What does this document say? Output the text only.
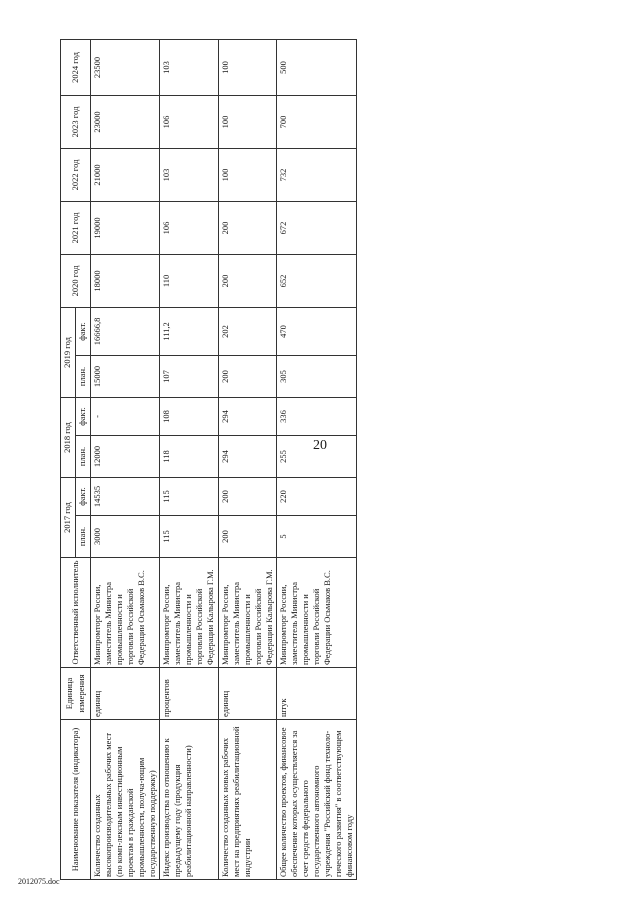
20
Наименование показателя (индикатора)	Единица измерения	Ответственный исполнитель	2017 год		2018 год		2019 год		2020 год	2021 год	2022 год	2023 год	2024 год
			план.	факт.	план.	факт.	план.	факт.					
Количество созданных высокопроизводительных рабочих мест (по комп-лексным инвестиционным проектам в гражданской промышленности, получа-ющим государственную поддержку)	единиц	Минпромторг России, заместитель Министра промышленности и торговли Российской Федерации Осьмаков В.С.	3000	14535	12000	-	15000	16666,8	18000	19000	21000	23000	23500
Индекс производства по отношению к предыдущему году (продукция реабилитационной направленности)	процентов	Минпромторг России, заместитель Министра промышленности и торговли Российской Федерации Калырова Г.М.	115	115	118	108	107	111,2	110	106	103	106	103
Количество созданных новых рабочих мест на предприятиях реабилитационной индустрии	единиц	Минпромторг России, заместитель Министра промышленности и торговли Российской Федерации Калырова Г.М.	200	200	294	294	200	202	200	200	100	100	100
Общее количество проектов, финансовое обеспечение которых осуществляется за счет средств федерального государственного автономного учреждения "Российский фонд техноло-гического развития" в соответствующем финансовом году	штук	Минпромторг России, заместитель Министра промышленности и торговли Российской Федерации Осьмаков В.С.	5	220	255	336	305	470	652	672	732	700	500
2012075.doc
